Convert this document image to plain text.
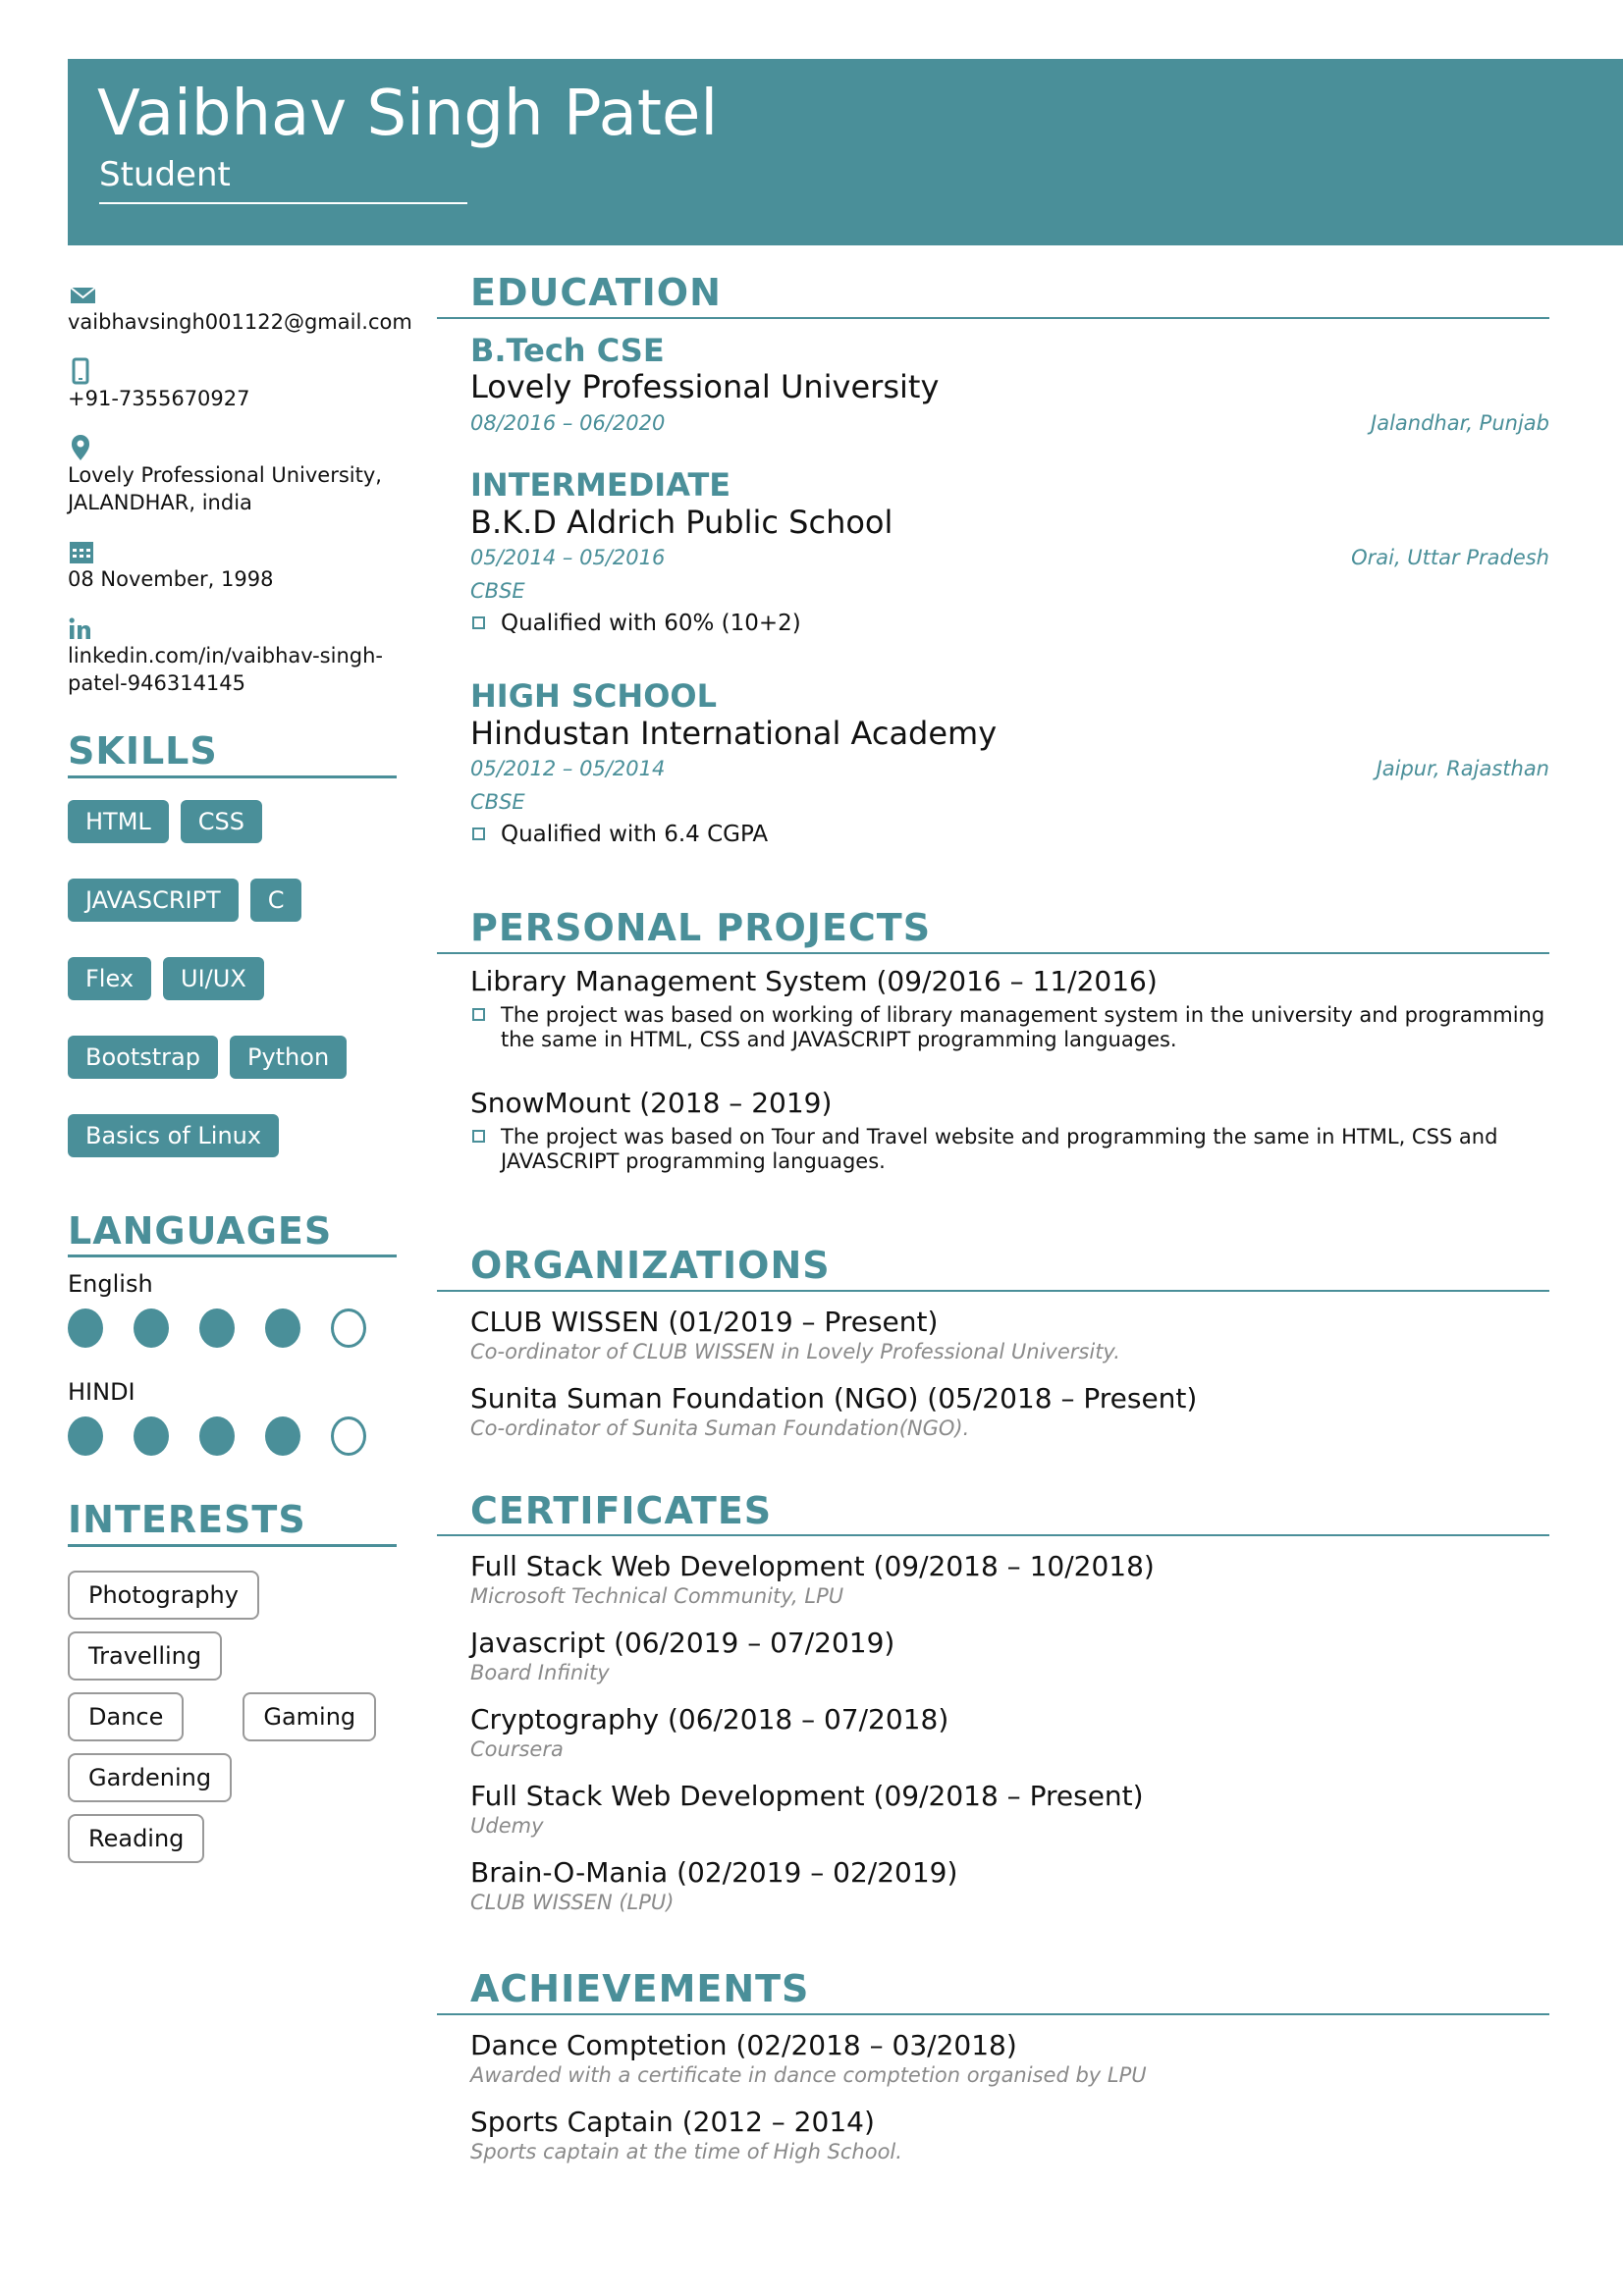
Vaibhav Singh Patel
Student
vaibhavsingh001122@gmail.com
+91-7355670927
Lovely Professional University,
JALANDHAR, india
08 November, 1998
linkedin.com/in/vaibhav-singh-
patel-946314145
SKILLS
HTML	CSS
JAVASCRIPT	C
Flex	UI/UX
Bootstrap	Python
Basics of Linux
LANGUAGES
English
HINDI
INTERESTS
Photography
Travelling
Dance	Gaming
Gardening
Reading
EDUCATION
B.Tech CSE
Lovely Professional University
08/2016 – 06/2020	Jalandhar, Punjab
INTERMEDIATE
B.K.D Aldrich Public School
05/2014 – 05/2016	Orai, Uttar Pradesh
CBSE
Qualified with 60% (10+2)
HIGH SCHOOL
Hindustan International Academy
05/2012 – 05/2014	Jaipur, Rajasthan
CBSE
Qualified with 6.4 CGPA
PERSONAL PROJECTS
Library Management System (09/2016 – 11/2016)
The project was based on working of library management system in the university and programming the same in HTML, CSS and JAVASCRIPT programming languages.
SnowMount (2018 – 2019)
The project was based on Tour and Travel website and programming the same in HTML, CSS and JAVASCRIPT programming languages.
ORGANIZATIONS
CLUB WISSEN (01/2019 – Present)
Co-ordinator of CLUB WISSEN in Lovely Professional University.
Sunita Suman Foundation (NGO) (05/2018 – Present)
Co-ordinator of Sunita Suman Foundation(NGO).
CERTIFICATES
Full Stack Web Development (09/2018 – 10/2018)
Microsoft Technical Community, LPU
Javascript (06/2019 – 07/2019)
Board Infinity
Cryptography (06/2018 – 07/2018)
Coursera
Full Stack Web Development (09/2018 – Present)
Udemy
Brain-O-Mania (02/2019 – 02/2019)
CLUB WISSEN (LPU)
ACHIEVEMENTS
Dance Comptetion (02/2018 – 03/2018)
Awarded with a certificate in dance comptetion organised by LPU
Sports Captain (2012 – 2014)
Sports captain at the time of High School.
